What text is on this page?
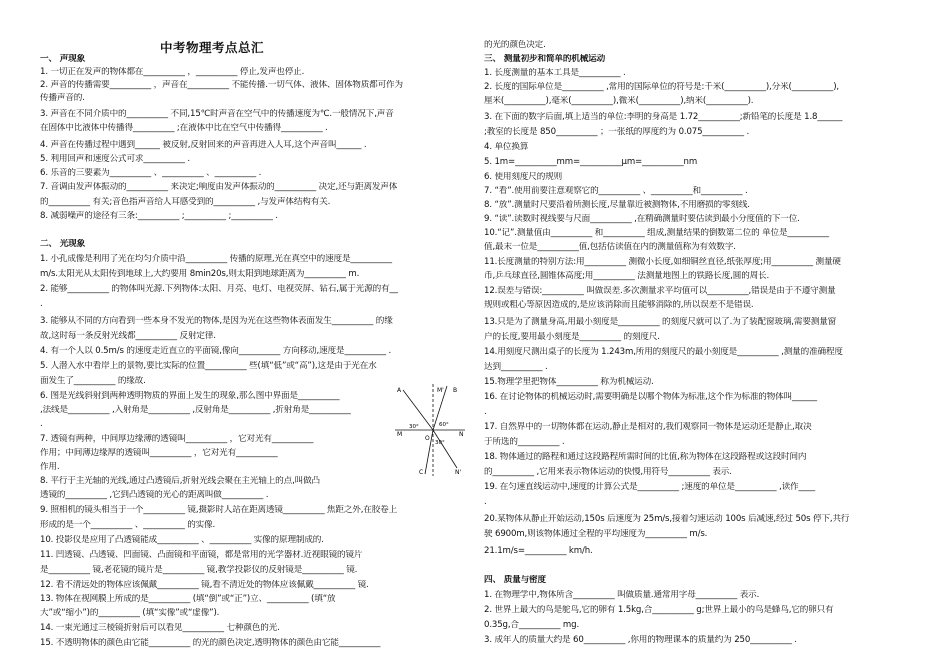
中考物理考点总汇
一、 声现象
1. 一切正在发声的物体都在__________ ，__________ 停止,发声也停止.
2. 声音的传播需要__________ ，声音在__________ 不能传播.一切气体、液体、固体物质都可作为
传播声音的.
3. 声音在不同介质中的__________ 不同,15℃时声音在空气中的传播速度为℃.一般情况下,声音
在固体中比液体中传播得__________ ;在液体中比在空气中传播得__________ .
4. 声音在传播过程中遇到______ 被反射,反射回来的声音再进入人耳,这个声音叫______ .
5. 利用回声和速度公式可求__________ .
6. 乐音的三要素为__________ 、__________ 、__________ .
7. 音调由发声体振动的__________ 来决定;响度由发声体振动的__________ 决定,还与距离发声体
的__________ 有关;音色指声音给人耳感受到的__________ ,与发声体结构有关.
8. 减弱噪声的途径有三条:__________ ;__________ ;__________ .
二、 光现象
1. 小孔成像是利用了光在均匀介质中沿__________ 传播的原理,光在真空中的速度是__________
m/s.太阳光从太阳传到地球上,大约要用 8min20s,则太阳到地球距离为__________ m.
2. 能够__________ 的物体叫光源.下列物体:太阳、月亮、电灯、电视荧屏、钻石,属于光源的有__
.
3. 能够从不同的方向看到一些本身不发光的物体,是因为光在这些物体表面发生__________ 的缘
故,这时每一条反射光线都__________ 反射定律.
4. 有一个人以 0.5m/s 的速度走近直立的平面镜,像向__________ 方向移动,速度是__________ .
5. 人潜入水中看岸上的景物,要比实际的位置__________ 些(填“低”或“高”),这是由于光在水
面发生了__________ 的缘故.
6. 图是光线斜射到两种透明物质的界面上发生的现象,那么图中界面是__________
,法线是__________ ,入射角是__________ ,反射角是__________ ,折射角是__________
.
7. 透镜有两种，中间厚边缘薄的透镜叫__________ ，它对光有__________
作用；中间薄边缘厚的透镜叫__________ ，它对光有__________
作用.
8. 平行于主光轴的光线,通过凸透镜后,折射光线会聚在主光轴上的点,叫做凸
透镜的__________ ,它到凸透镜的光心的距离叫做__________ .
9. 照相机的镜头相当于一个__________ 镜,摄影时人站在距离透镜__________ 焦距之外,在胶卷上
形成的是一个__________ 、__________ 的实像.
10. 投影仪是应用了凸透镜能成__________ 、__________ 实像的原理制成的.
11. 凹透镜、凸透镜、凹面镜、凸面镜和平面镜，都是常用的光学器材.近视眼镜的镜片
是__________ 镜,老花镜的镜片是__________ 镜,教学投影仪的反射镜是__________ 镜.
12. 看不清远处的物体应该佩戴__________ 镜,看不清近处的物体应该佩戴__________ 镜.
13. 物体在视网膜上所成的是__________ (填“倒”或“正”)立、__________ (填“放
大”或“缩小”)的__________ (填“实像”或“虚像”).
14. 一束光通过三棱镜折射后可以看见__________ 七种颜色的光.
15. 不透明物体的颜色由它能__________ 的光的颜色决定,透明物体的颜色由它能__________
的光的颜色决定.
三、 测量初步和简单的机械运动
1. 长度测量的基本工具是__________ .
2. 长度的国际单位是__________ ,常用的国际单位的符号是:千米(__________),分米(__________),
厘米(__________),毫米(__________),微米(__________),纳米(__________).
3. 在下面的数字后面,填上适当的单位:李明的身高是 1.72__________;新铅笔的长度是 1.8______
;教室的长度是 850__________ ；一张纸的厚度约为 0.075__________ .
4. 单位换算
5. 1m=__________mm=__________μm=__________nm
6. 使用刻度尺的规则
7. “看”.使用前要注意观察它的__________ 、__________和__________ .
8. “放”.测量时尺要沿着所测长度,尽量靠近被测物体,不用磨损的零刻线.
9. “读”.读数时视线要与尺面__________ ,在精确测量时要估读到最小分度值的下一位.
10.“记”.测量值由__________ 和__________ 组成,测量结果的倒数第二位的 单位是__________
值,最末一位是__________值,包括估读值在内的测量值称为有效数字.
11.长度测量的特别方法:用__________ 测微小长度,如细铜丝直径,纸张厚度;用__________ 测量硬
币,乒乓球直径,圆锥体高度;用__________ 法测量地图上的铁路长度,圆的周长.
12.误差与错误:__________ 叫做误差.多次测量求平均值可以__________,错误是由于不遵守测量
规则或粗心等原因造成的,是应该消除而且能够消除的,所以误差不是错误.
13.只是为了测量身高,用最小刻度是__________ 的刻度尺就可以了.为了装配窗玻璃,需要测量窗
户的长度,要用最小刻度是__________ 的刻度尺.
14.用刻度尺测出桌子的长度为 1.243m,所用的刻度尺的最小刻度是__________ ,测量的准确程度
达到__________ .
15.物理学里把物体__________ 称为机械运动.
16. 在讨论物体的机械运动时,需要明确是以哪个物体为标准,这个作为标准的物体叫______
.
17. 自然界中的一切物体都在运动,静止是相对的,我们观察同一物体是运动还是静止,取决
于所选的__________ .
18. 物体通过的路程和通过这段路程所需时间的比值,称为物体在这段路程或这段时间内
的__________ ,它用来表示物体运动的快慢,用符号__________ 表示.
19. 在匀速直线运动中,速度的计算公式是__________ ;速度的单位是__________ ,读作____
.
20.某物体从静止开始运动,150s 后速度为 25m/s,接着匀速运动 100s 后减速,经过 50s 停下,共行
驶 6900m,则该物体通过全程的平均速度为__________ m/s.
21.1m/s=__________ km/h.
四、 质量与密度
1. 在物理学中,物体所含__________ 叫做质量.通常用字母__________ 表示.
2. 世界上最大的鸟是鸵鸟,它的卵有 1.5kg,合__________ g;世界上最小的鸟是蜂鸟,它的卵只有
0.35g,合__________ mg.
3. 成年人的质量大约是 60__________ ,你用的物理课本的质量约为 250__________ .
M'
A	B
O
C
30°	60°
30°
N'
M	N
